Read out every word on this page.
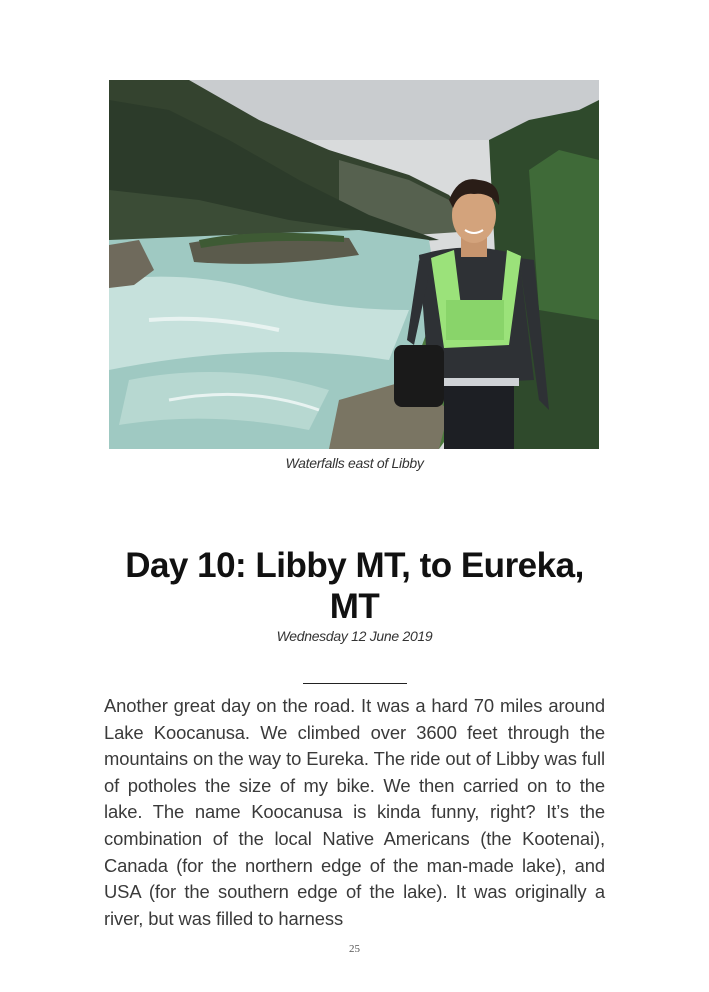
Waterfalls east of Libby
Day 10: Libby MT, to Eureka, MT
Wednesday 12 June 2019

Another great day on the road. It was a hard 70 miles around Lake Koocanusa. We climbed over 3600 feet through the mountains on the way to Eureka. The ride out of Libby was full of potholes the size of my bike. We then carried on to the lake. The name Koocanusa is kinda funny, right? It’s the combination of the local Native Americans (the Kootenai), Canada (for the northern edge of the man-made lake), and USA (for the southern edge of the lake). It was originally a river, but was filled to harness

25
